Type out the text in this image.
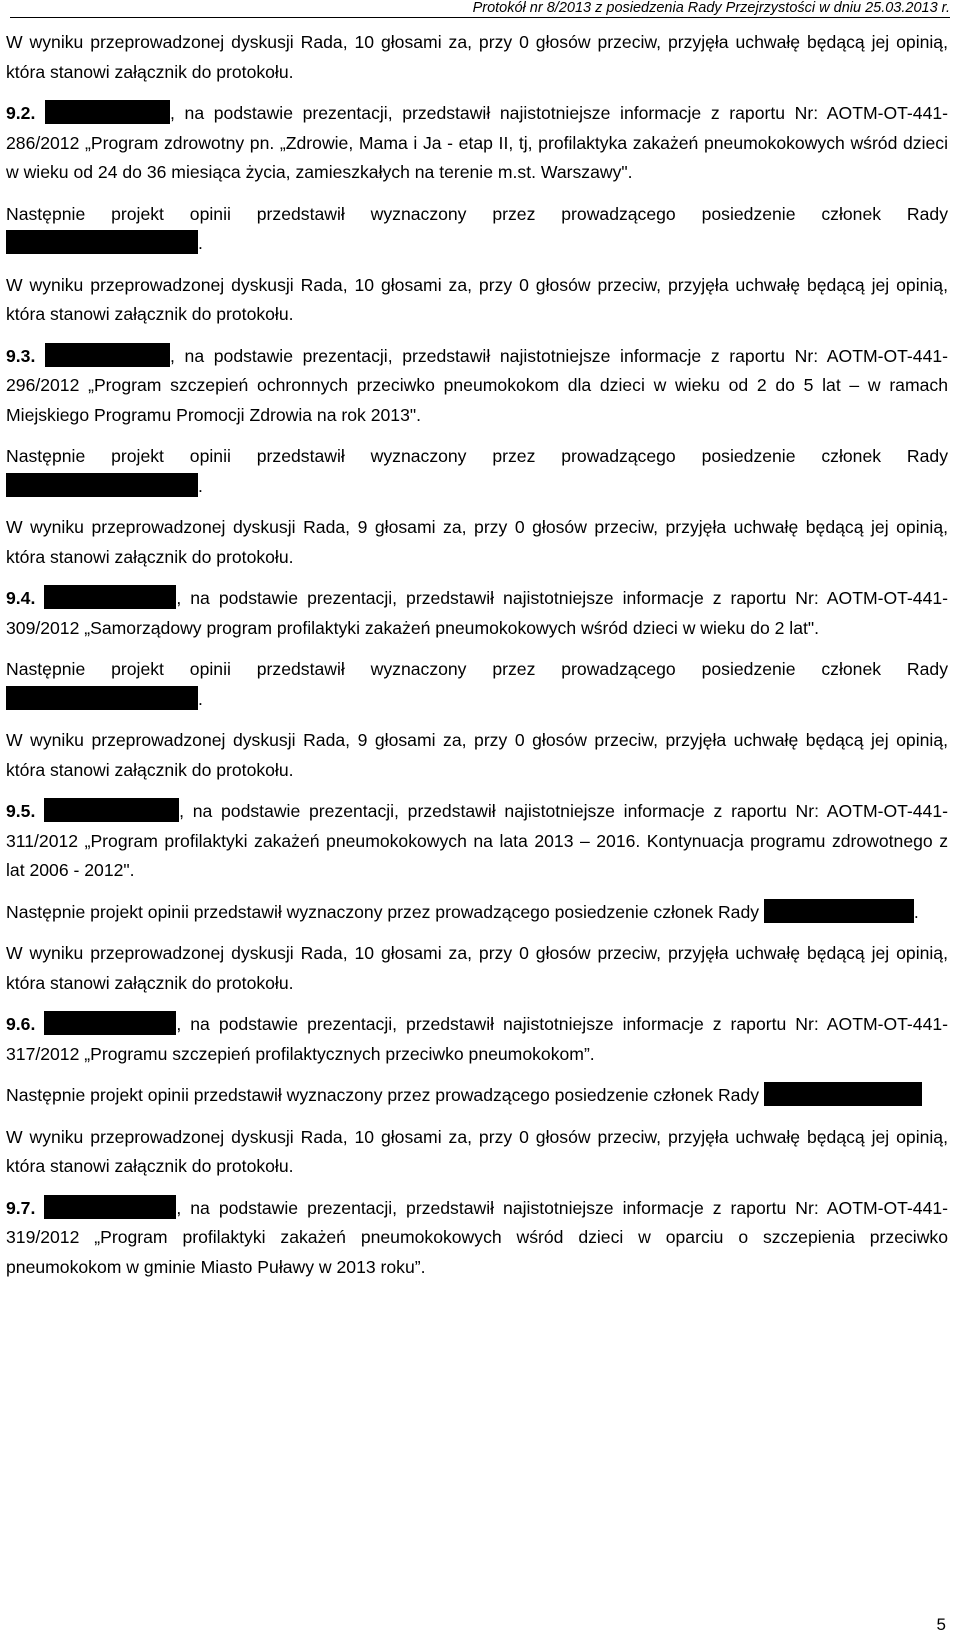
Protokół nr 8/2013 z posiedzenia Rady Przejrzystości w dniu 25.03.2013 r.

W wyniku przeprowadzonej dyskusji Rada, 10 głosami za, przy 0 głosów przeciw, przyjęła uchwałę będącą jej opinią, która stanowi załącznik do protokołu.

9.2.	, na podstawie prezentacji, przedstawił najistotniejsze informacje z raportu Nr: AOTM-OT-441-286/2012 „Program zdrowotny pn. „Zdrowie, Mama i Ja - etap II, tj, profilaktyka zakażeń pneumokokowych wśród dzieci w wieku od 24 do 36 miesiąca życia, zamieszkałych na terenie m.st. Warszawy".

Następnie projekt opinii przedstawił wyznaczony przez prowadzącego posiedzenie członek Rady .

W wyniku przeprowadzonej dyskusji Rada, 10 głosami za, przy 0 głosów przeciw, przyjęła uchwałę będącą jej opinią, która stanowi załącznik do protokołu.

9.3.	, na podstawie prezentacji, przedstawił najistotniejsze informacje z raportu Nr: AOTM-OT-441-296/2012 „Program szczepień ochronnych przeciwko pneumokokom dla dzieci w wieku od 2 do 5 lat – w ramach Miejskiego Programu Promocji Zdrowia na rok 2013".

Następnie projekt opinii przedstawił wyznaczony przez prowadzącego posiedzenie członek Rady .

W wyniku przeprowadzonej dyskusji Rada, 9 głosami za, przy 0 głosów przeciw, przyjęła uchwałę będącą jej opinią, która stanowi załącznik do protokołu.

9.4.	, na podstawie prezentacji, przedstawił najistotniejsze informacje z raportu Nr: AOTM-OT-441-309/2012 „Samorządowy program profilaktyki zakażeń pneumokokowych wśród dzieci w wieku do 2 lat".

Następnie projekt opinii przedstawił wyznaczony przez prowadzącego posiedzenie członek Rady .

W wyniku przeprowadzonej dyskusji Rada, 9 głosami za, przy 0 głosów przeciw, przyjęła uchwałę będącą jej opinią, która stanowi załącznik do protokołu.

9.5.	, na podstawie prezentacji, przedstawił najistotniejsze informacje z raportu Nr: AOTM-OT-441-311/2012 „Program profilaktyki zakażeń pneumokokowych na lata 2013 – 2016. Kontynuacja programu zdrowotnego z lat 2006 - 2012".

Następnie projekt opinii przedstawił wyznaczony przez prowadzącego posiedzenie członek Rady	.

W wyniku przeprowadzonej dyskusji Rada, 10 głosami za, przy 0 głosów przeciw, przyjęła uchwałę będącą jej opinią, która stanowi załącznik do protokołu.

9.6.	, na podstawie prezentacji, przedstawił najistotniejsze informacje z raportu Nr: AOTM-OT-441-317/2012 „Programu szczepień profilaktycznych przeciwko pneumokokom”.

Następnie projekt opinii przedstawił wyznaczony przez prowadzącego posiedzenie członek Rady

W wyniku przeprowadzonej dyskusji Rada, 10 głosami za, przy 0 głosów przeciw, przyjęła uchwałę będącą jej opinią, która stanowi załącznik do protokołu.

9.7.	, na podstawie prezentacji, przedstawił najistotniejsze informacje z raportu Nr: AOTM-OT-441-319/2012 „Program profilaktyki zakażeń pneumokokowych wśród dzieci w oparciu o szczepienia przeciwko pneumokokom w gminie Miasto Puławy w 2013 roku”.

5
